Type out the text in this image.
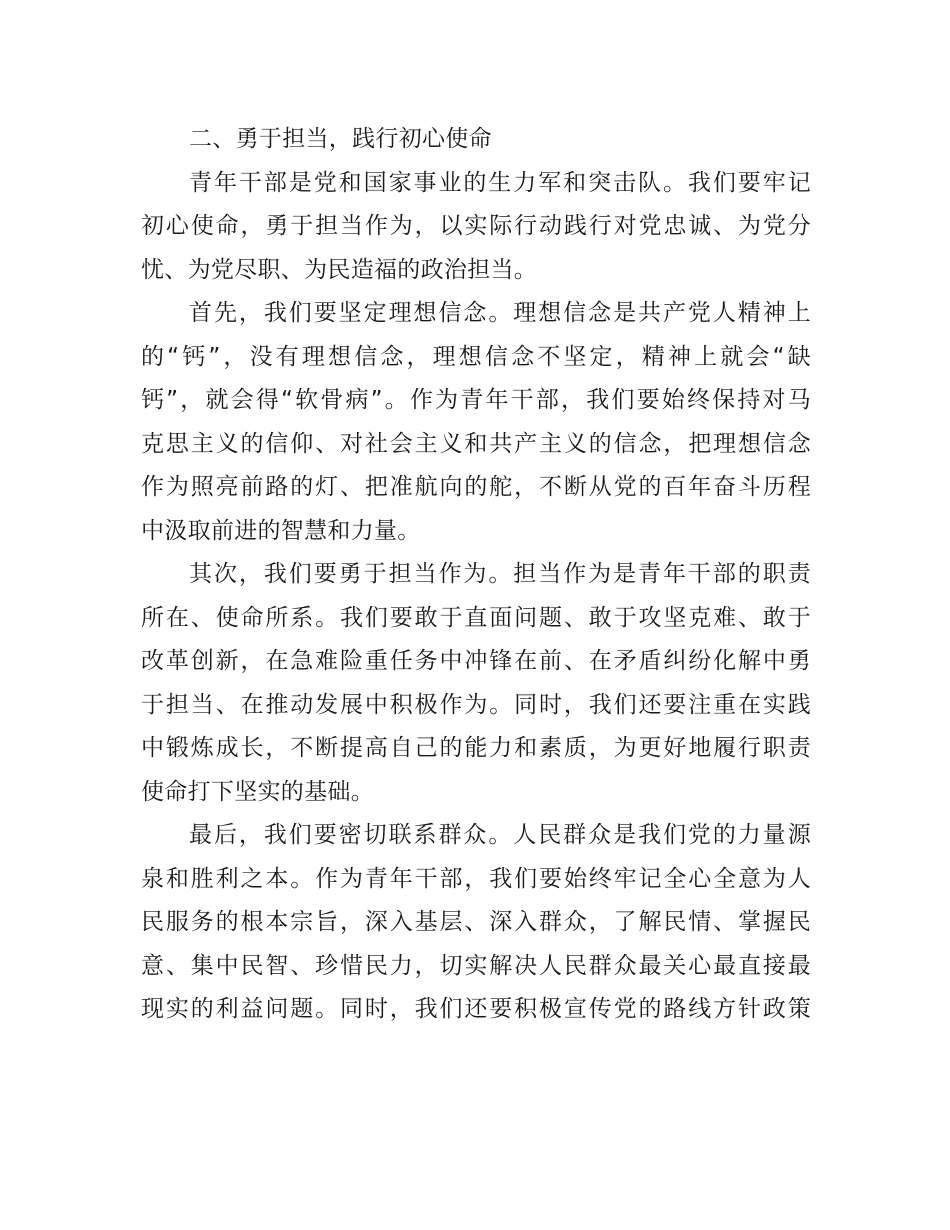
二、勇于担当，践行初心使命
青年干部是党和国家事业的生力军和突击队。我们要牢记
初心使命，勇于担当作为，以实际行动践行对党忠诚、为党分
忧、为党尽职、为民造福的政治担当。
首先，我们要坚定理想信念。理想信念是共产党人精神上
的“钙”，没有理想信念，理想信念不坚定，精神上就会“缺
钙”，就会得“软骨病”。作为青年干部，我们要始终保持对马
克思主义的信仰、对社会主义和共产主义的信念，把理想信念
作为照亮前路的灯、把准航向的舵，不断从党的百年奋斗历程
中汲取前进的智慧和力量。
其次，我们要勇于担当作为。担当作为是青年干部的职责
所在、使命所系。我们要敢于直面问题、敢于攻坚克难、敢于
改革创新，在急难险重任务中冲锋在前、在矛盾纠纷化解中勇
于担当、在推动发展中积极作为。同时，我们还要注重在实践
中锻炼成长，不断提高自己的能力和素质，为更好地履行职责
使命打下坚实的基础。
最后，我们要密切联系群众。人民群众是我们党的力量源
泉和胜利之本。作为青年干部，我们要始终牢记全心全意为人
民服务的根本宗旨，深入基层、深入群众，了解民情、掌握民
意、集中民智、珍惜民力，切实解决人民群众最关心最直接最
现实的利益问题。同时，我们还要积极宣传党的路线方针政策
